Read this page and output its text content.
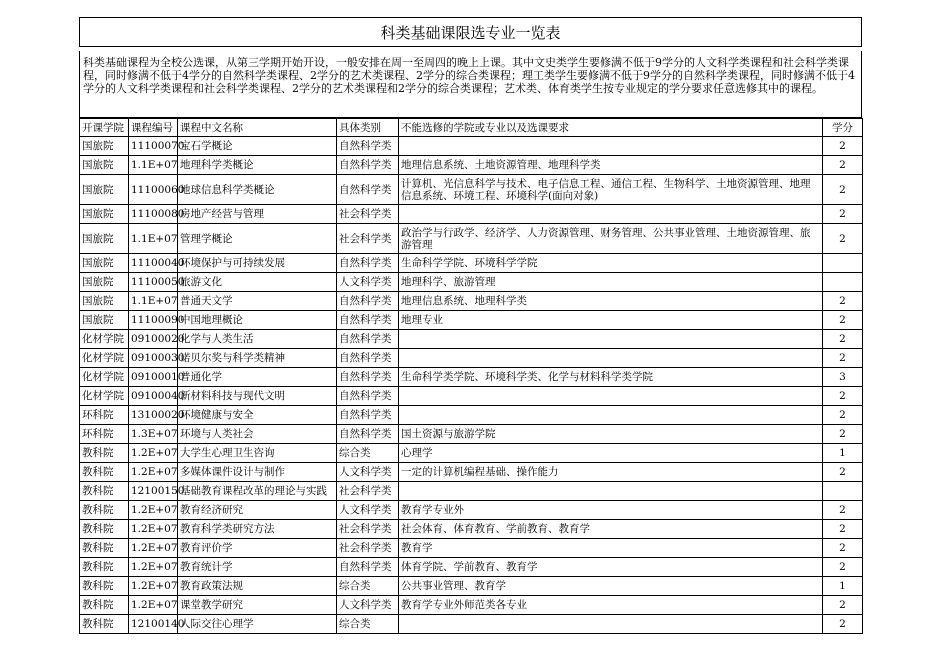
科类基础课限选专业一览表
科类基础课程为全校公选课，从第三学期开始开设，一般安排在周一至周四的晚上上课。其中文史类学生要修满不低于9学分的人文科学类课程和社会科学类课程，同时修满不低于4学分的自然科学类课程、2学分的艺术类课程、2学分的综合类课程；理工类学生要修满不低于9学分的自然科学类课程，同时修满不低于4学分的人文科学类课程和社会科学类课程、2学分的艺术类课程和2学分的综合类课程；艺术类、体育类学生按专业规定的学分要求任意选修其中的课程。
开课学院	课程编号	课程中文名称	具体类别	不能选修的学院或专业以及选课要求	学分
国旅院	11100070	宝石学概论	自然科学类		2
国旅院	1.1E+07	地理科学类概论	自然科学类	地理信息系统、土地资源管理、地理科学类	2
国旅院	11100060	地球信息科学类概论	自然科学类	计算机、光信息科学与技术、电子信息工程、通信工程、生物科学、土地资源管理、地理信息系统、环境工程、环境科学(面向对象)	2
国旅院	11100080	房地产经营与管理	社会科学类		2
国旅院	1.1E+07	管理学概论	社会科学类	政治学与行政学、经济学、人力资源管理、财务管理、公共事业管理、土地资源管理、旅游管理	2
国旅院	11100040	环境保护与可持续发展	自然科学类	生命科学学院、环境科学学院	
国旅院	11100050	旅游文化	人文科学类	地理科学、旅游管理	
国旅院	1.1E+07	普通天文学	自然科学类	地理信息系统、地理科学类	2
国旅院	11100090	中国地理概论	自然科学类	地理专业	2
化材学院	09100020	化学与人类生活	自然科学类		2
化材学院	09100030	诺贝尔奖与科学类精神	自然科学类		2
化材学院	09100010	普通化学	自然科学类	生命科学类学院、环境科学类、化学与材料科学类学院	3
化材学院	09100040	新材料科技与现代文明	自然科学类		2
环科院	13100020	环境健康与安全	自然科学类		2
环科院	1.3E+07	环境与人类社会	自然科学类	国土资源与旅游学院	2
教科院	1.2E+07	大学生心理卫生咨询	综合类	心理学	1
教科院	1.2E+07	多媒体课件设计与制作	人文科学类	一定的计算机编程基础、操作能力	2
教科院	12100150	基础教育课程改革的理论与实践	社会科学类		
教科院	1.2E+07	教育经济研究	人文科学类	教育学专业外	2
教科院	1.2E+07	教育科学类研究方法	社会科学类	社会体育、体育教育、学前教育、教育学	2
教科院	1.2E+07	教育评价学	社会科学类	教育学	2
教科院	1.2E+07	教育统计学	自然科学类	体育学院、学前教育、教育学	2
教科院	1.2E+07	教育政策法规	综合类	公共事业管理、教育学	1
教科院	1.2E+07	课堂教学研究	人文科学类	教育学专业外师范类各专业	2
教科院	12100140	人际交往心理学	综合类		2
